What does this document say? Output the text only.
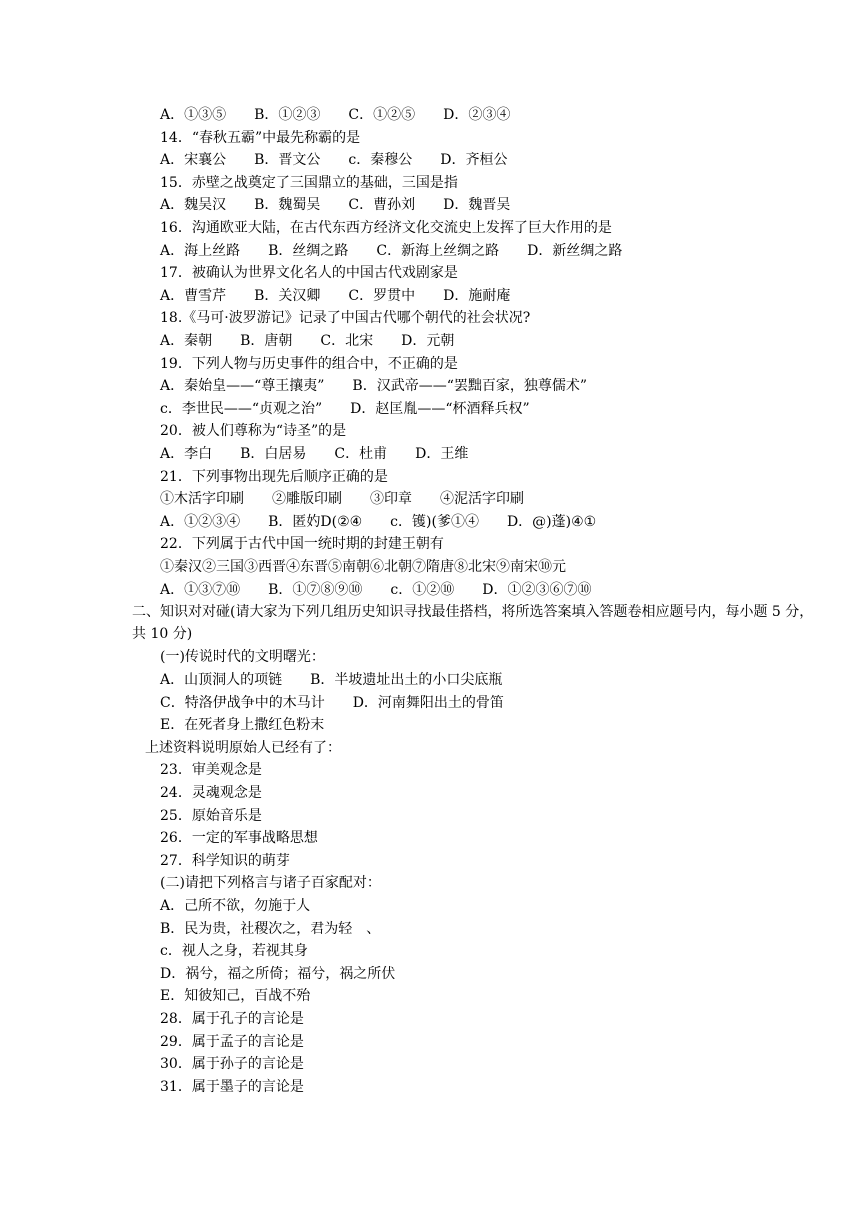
A．①③⑤　　B．①②③　　C．①②⑤　　D．②③④
14．“春秋五霸”中最先称霸的是
A．宋襄公　　B．晋文公　　c．秦穆公　　D．齐桓公
15．赤壁之战奠定了三国鼎立的基础，三国是指
A．魏吴汉　　B．魏蜀吴　　C．曹孙刘　　D．魏晋吴
16．沟通欧亚大陆，在古代东西方经济文化交流史上发挥了巨大作用的是
A．海上丝路　　B．丝绸之路　　C．新海上丝绸之路　　D．新丝绸之路
17．被确认为世界文化名人的中国古代戏剧家是
A．曹雪芹　　B．关汉卿　　C．罗贯中　　D．施耐庵
18.《马可·波罗游记》记录了中国古代哪个朝代的社会状况?
A．秦朝　　B．唐朝　　C．北宋　　D．元朝
19．下列人物与历史事件的组合中，不正确的是
A．秦始皇——“尊王攘夷”　　B．汉武帝——“罢黜百家，独尊儒术”
c．李世民——“贞观之治”　　D．赵匡胤——“杯酒释兵权”
20．被人们尊称为“诗圣”的是
A．李白　　B．白居易　　C．杜甫　　D．王维
21．下列事物出现先后顺序正确的是
①木活字印刷　　②雕版印刷　　③印章　　④泥活字印刷
A．①②③④　　B．匿妁D(②④　　c．镬)(爹①④　　D．@)蓬)④①
22．下列属于古代中国一统时期的封建王朝有
①秦汉②三国③西晋④东晋⑤南朝⑥北朝⑦隋唐⑧北宋⑨南宋⑩元
A．①③⑦⑩　　B．①⑦⑧⑨⑩　　c．①②⑩　　D．①②③⑥⑦⑩
二、知识对对碰(请大家为下列几组历史知识寻找最佳搭档，将所选答案填入答题卷相应题号内，每小题 5 分，共 10 分)
(一)传说时代的文明曙光：
A．山顶洞人的项链　　B．半坡遗址出土的小口尖底瓶
C．特洛伊战争中的木马计　　D．河南舞阳出土的骨笛
E．在死者身上撒红色粉末
上述资料说明原始人已经有了：
23．审美观念是
24．灵魂观念是
25．原始音乐是
26．一定的军事战略思想
27．科学知识的萌芽
(二)请把下列格言与诸子百家配对：
A．己所不欲，勿施于人
B．民为贵，社稷次之，君为轻　、
c．视人之身，若视其身
D．祸兮，福之所倚；福兮，祸之所伏
E．知彼知己，百战不殆
28．属于孔子的言论是
29．属于孟子的言论是
30．属于孙子的言论是
31．属于墨子的言论是
